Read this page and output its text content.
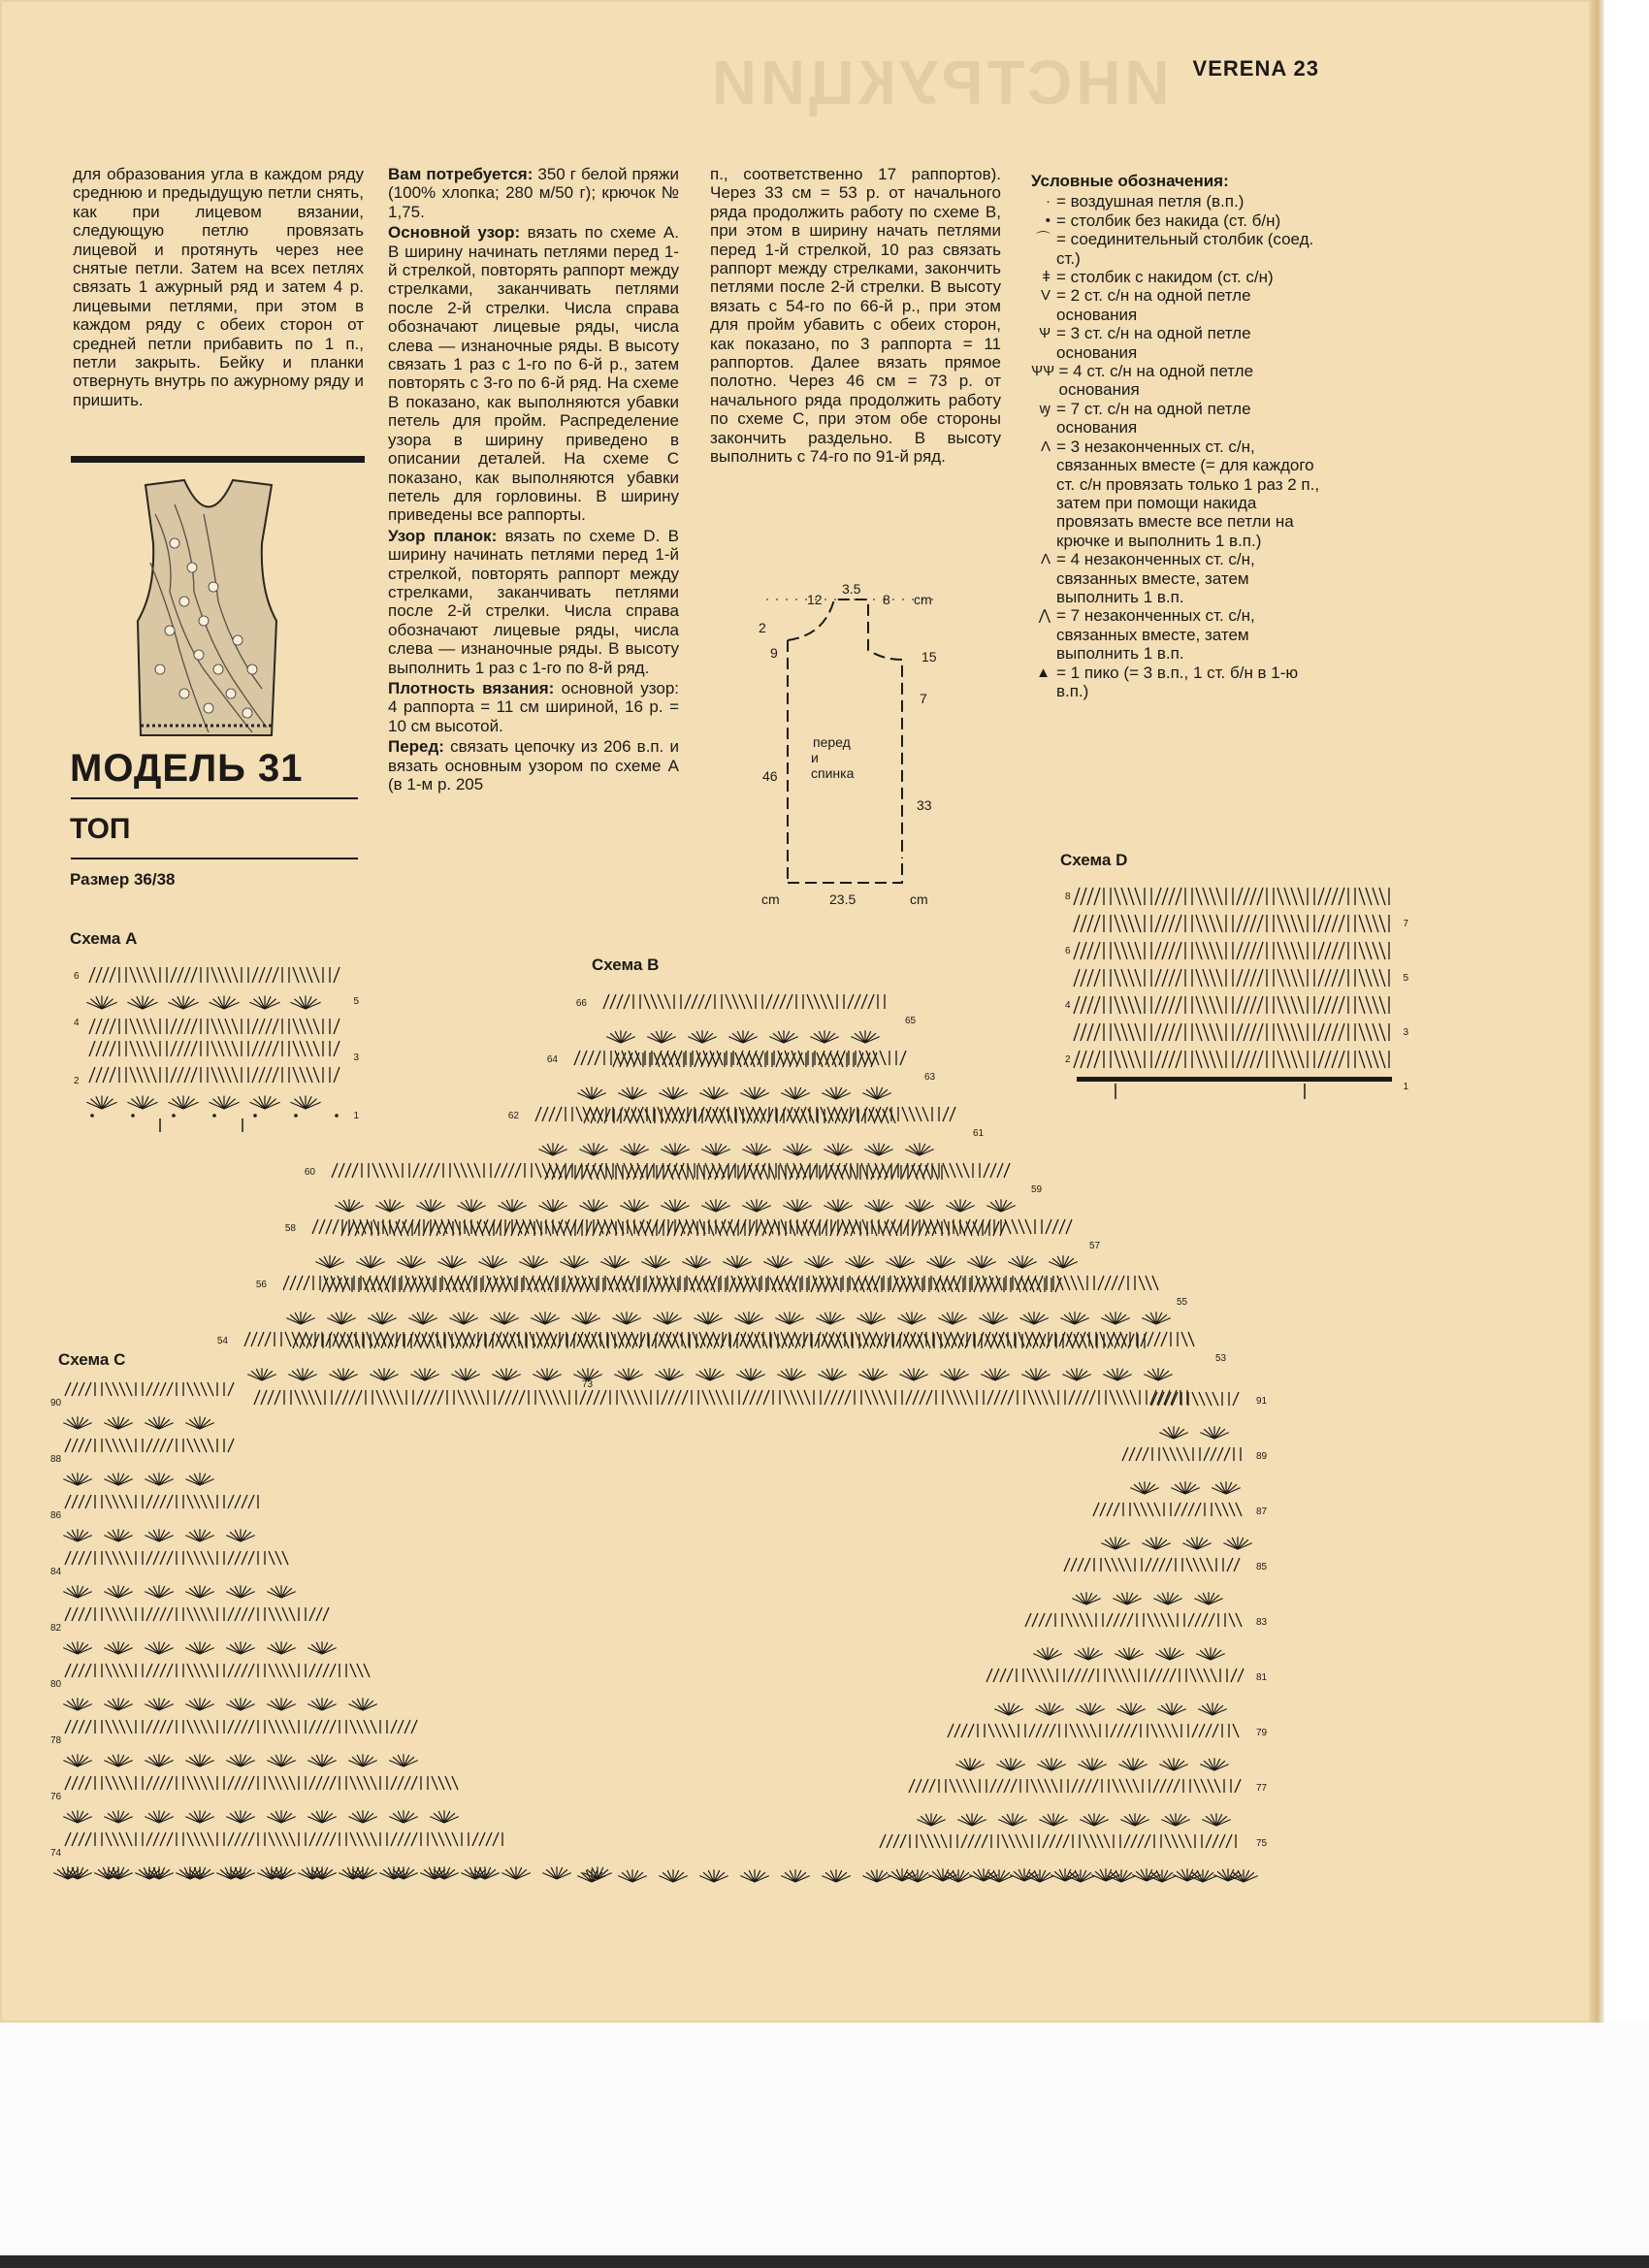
ИНСТРУКЦИИ VERENA 23

для образования угла в каждом ряду среднюю и предыдущую петли снять, как при лицевом вязании, следующую петлю провязать лицевой и протянуть через нее снятые петли. Затем на всех петлях связать 1 ажурный ряд и затем 4 р. лицевыми петлями, при этом в каждом ряду с обеих сторон от средней петли прибавить по 1 п., петли закрыть. Бейку и планки отвернуть внутрь по ажурному ряду и пришить.

МОДЕЛЬ 31
ТОП
Размер 36/38

Вам потребуется: 350 г белой пряжи (100% хлопка; 280 м/50 г); крючок № 1,75.

Основной узор: вязать по схеме А. В ширину начинать петлями перед 1-й стрелкой, повторять раппорт между стрелками, заканчивать петлями после 2-й стрелки. Числа справа обозначают лицевые ряды, числа слева — изнаночные ряды. В высоту связать 1 раз с 1-го по 6-й р., затем повторять с 3-го по 6-й ряд. На схеме В показано, как выполняются убавки петель для пройм. Распределение узора в ширину приведено в описании деталей. На схеме С показано, как выполняются убавки петель для горловины. В ширину приведены все раппорты.

Узор планок: вязать по схеме D. В ширину начинать петлями перед 1-й стрелкой, повторять раппорт между стрелками, заканчивать петлями после 2-й стрелки. Числа справа обозначают лицевые ряды, числа слева — изнаночные ряды. В высоту выполнить 1 раз с 1-го по 8-й ряд.

Плотность вязания: основной узор: 4 раппорта = 11 см шириной, 16 р. = 10 см высотой.

Перед: связать цепочку из 206 в.п. и вязать основным узором по схеме А (в 1-м р. 205

п., соответственно 17 раппортов). Через 33 см = 53 р. от начального ряда продолжить работу по схеме В, при этом в ширину начать петлями перед 1-й стрелкой, 10 раз связать раппорт между стрелками, закончить петлями после 2-й стрелки. В высоту вязать с 54-го по 66-й р., при этом для пройм убавить с обеих сторон, как показано, по 3 раппорта = 11 раппортов. Далее вязать прямое полотно. Через 46 см = 73 р. от начального ряда продолжить работу по схеме С, при этом обе стороны закончить раздельно. В высоту выполнить с 74-го по 91-й ряд.

Условные обозначения:
· = воздушная петля (в.п.)
• = столбик без накида (ст. б/н)
⌒ = соединительный столбик (соед. ст.)
ǂ = столбик с накидом (ст. с/н)
V = 2 ст. с/н на одной петле основания
Ѱ = 3 ст. с/н на одной петле основания
ѰѰ = 4 ст. с/н на одной петле основания
ꝡ = 7 ст. с/н на одной петле основания
Λ = 3 незаконченных ст. с/н, связанных вместе (= для каждого ст. с/н провязать только 1 раз 2 п., затем при помощи накида провязать вместе все петли на крючке и выполнить 1 в.п.)
Ʌ = 4 незаконченных ст. с/н, связанных вместе, затем выполнить 1 в.п.
⋀ = 7 незаконченных ст. с/н, связанных вместе, затем выполнить 1 в.п.
▲ = 1 пико (= 3 в.п., 1 ст. б/н в 1-ю в.п.)
12
3.5
8 cm
2
9
46
15
7
33
перед
и
спинка
cm	23.5	cm
Схема А
Схема В
Схема С
Схема D
6
4
2
5
3
1
66
65
64
63
62
61
60
59
58
57
56
55
54
53
90
88
86
84
82
80
78
76
74
91
89
87
85
83
81
79
77
75
73
8
7
6
5
4
3
2
1
